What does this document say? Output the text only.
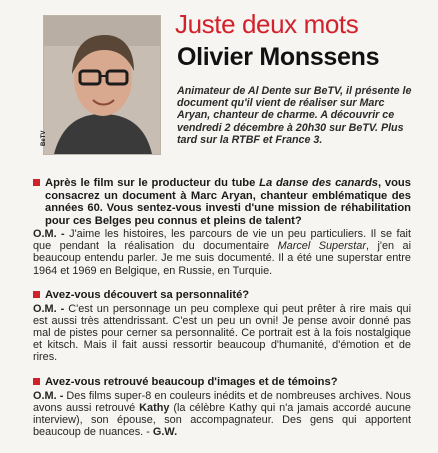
BeTV
Juste deux mots
Olivier Monssens
Animateur de Al Dente sur BeTV, il présente le document qu'il vient de réaliser sur Marc Aryan, chanteur de charme. A découvrir ce vendredi 2 décembre à 20h30 sur BeTV. Plus tard sur la RTBF et France 3.
Après le film sur le producteur du tube La danse des canards, vous consacrez un document à Marc Aryan, chanteur emblématique des années 60. Vous sentez-vous investi d'une mission de réhabilitation pour ces Belges peu connus et pleins de talent?
O.M. - J'aime les histoires, les parcours de vie un peu particuliers. Il se fait que pendant la réalisation du documentaire Marcel Superstar, j'en ai beaucoup entendu parler. Je me suis documenté. Il a été une superstar entre 1964 et 1969 en Belgique, en Russie, en Turquie.
Avez-vous découvert sa personnalité?
O.M. - C'est un personnage un peu complexe qui peut prêter à rire mais qui est aussi très attendrissant. C'est un peu un ovni! Je pense avoir donné pas mal de pistes pour cerner sa personnalité. Ce portrait est à la fois nostalgique et kitsch. Mais il fait aussi ressortir beaucoup d'humanité, d'émotion et de rires.
Avez-vous retrouvé beaucoup d'images et de témoins?
O.M. - Des films super-8 en couleurs inédits et de nombreuses archives. Nous avons aussi retrouvé Kathy (la célèbre Kathy qui n'a jamais accordé aucune interview), son épouse, son accompagnateur. Des gens qui apportent beaucoup de nuances. - G.W.
